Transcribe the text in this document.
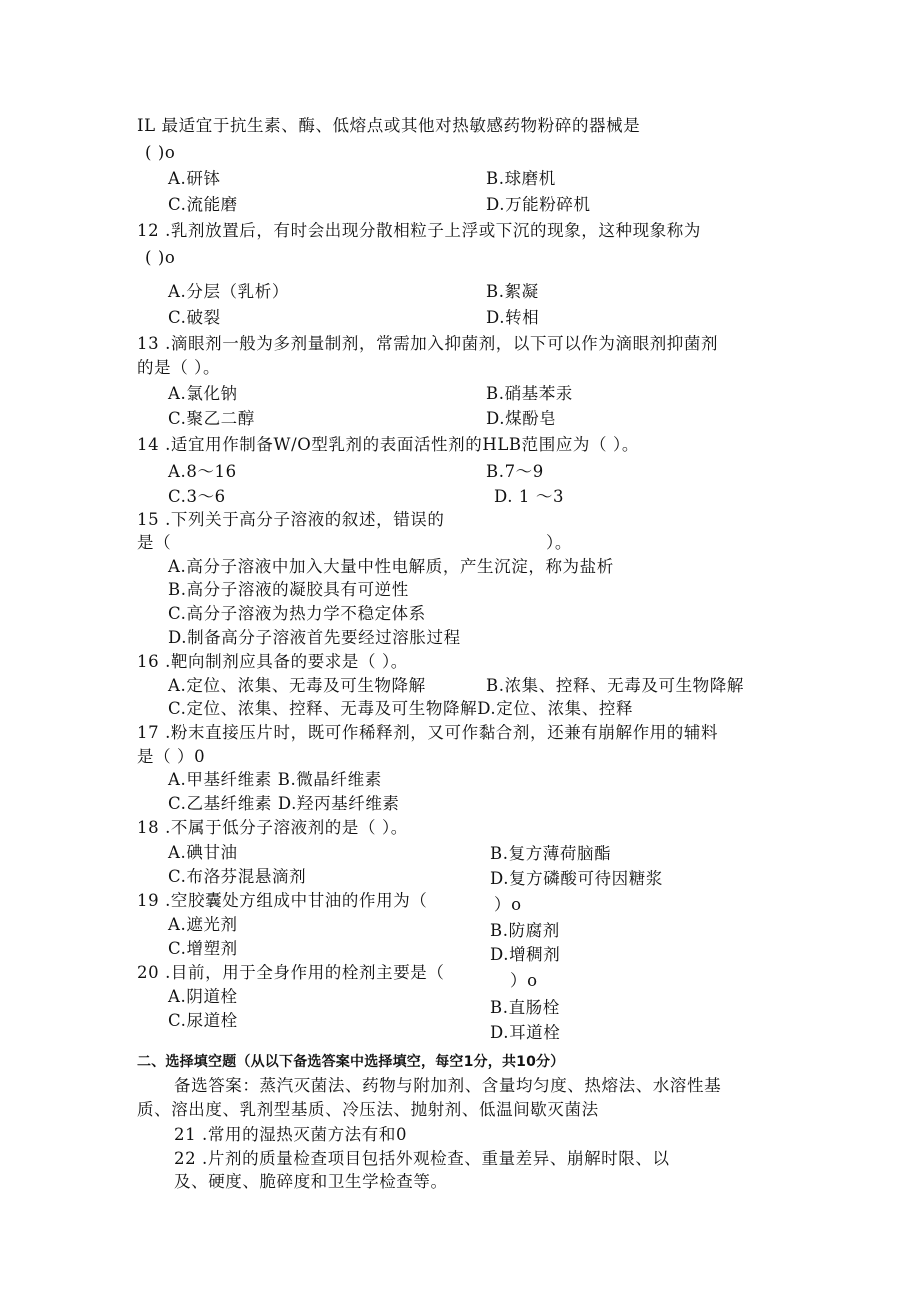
IL 最适宜于抗生素、酶、低熔点或其他对热敏感药物粉碎的器械是
( )o
A.研钵	B.球磨机
C.流能磨	D.万能粉碎机
12 .乳剂放置后，有时会出现分散相粒子上浮或下沉的现象，这种现象称为
( )o
A.分层（乳析）	B.絮凝
C.破裂	D.转相
13 .滴眼剂一般为多剂量制剂，常需加入抑菌剂，以下可以作为滴眼剂抑菌剂
的是（ ）。
A.氯化钠	B.硝基苯汞
C.聚乙二醇	D.煤酚皂
14 .适宜用作制备W/O型乳剂的表面活性剂的HLB范围应为（ ）。
A.8～16	B.7～9
C.3～6	D. 1 ～3
15 .下列关于高分子溶液的叙述，错误的
是（	）。
A.高分子溶液中加入大量中性电解质，产生沉淀，称为盐析
B.高分子溶液的凝胶具有可逆性
C.高分子溶液为热力学不稳定体系
D.制备高分子溶液首先要经过溶胀过程
16 .靶向制剂应具备的要求是（ ）。
A.定位、浓集、无毒及可生物降解	B.浓集、控释、无毒及可生物降解
C.定位、浓集、控释、无毒及可生物降解D.定位、浓集、控释
17 .粉末直接压片时，既可作稀释剂，又可作黏合剂，还兼有崩解作用的辅料
是（ ）0
A.甲基纤维素 B.微晶纤维素
C.乙基纤维素 D.羟丙基纤维素
18 .不属于低分子溶液剂的是（ ）。
A.碘甘油	B.复方薄荷脑酯
C.布洛芬混悬滴剂	D.复方磷酸可待因糖浆
19 .空胶囊处方组成中甘油的作用为（	）o
A.遮光剂	B.防腐剂
C.增塑剂	D.增稠剂
20 .目前，用于全身作用的栓剂主要是（	）o
A.阴道栓
B.直肠栓
C.尿道栓
D.耳道栓
二、选择填空题（从以下备选答案中选择填空，每空1分，共10分）
备选答案：蒸汽灭菌法、药物与附加剂、含量均匀度、热熔法、水溶性基
质、溶出度、乳剂型基质、冷压法、抛射剂、低温间歇灭菌法
21 .常用的湿热灭菌方法有和0
22 .片剂的质量检查项目包括外观检查、重量差异、崩解时限、以
及、硬度、脆碎度和卫生学检查等。
